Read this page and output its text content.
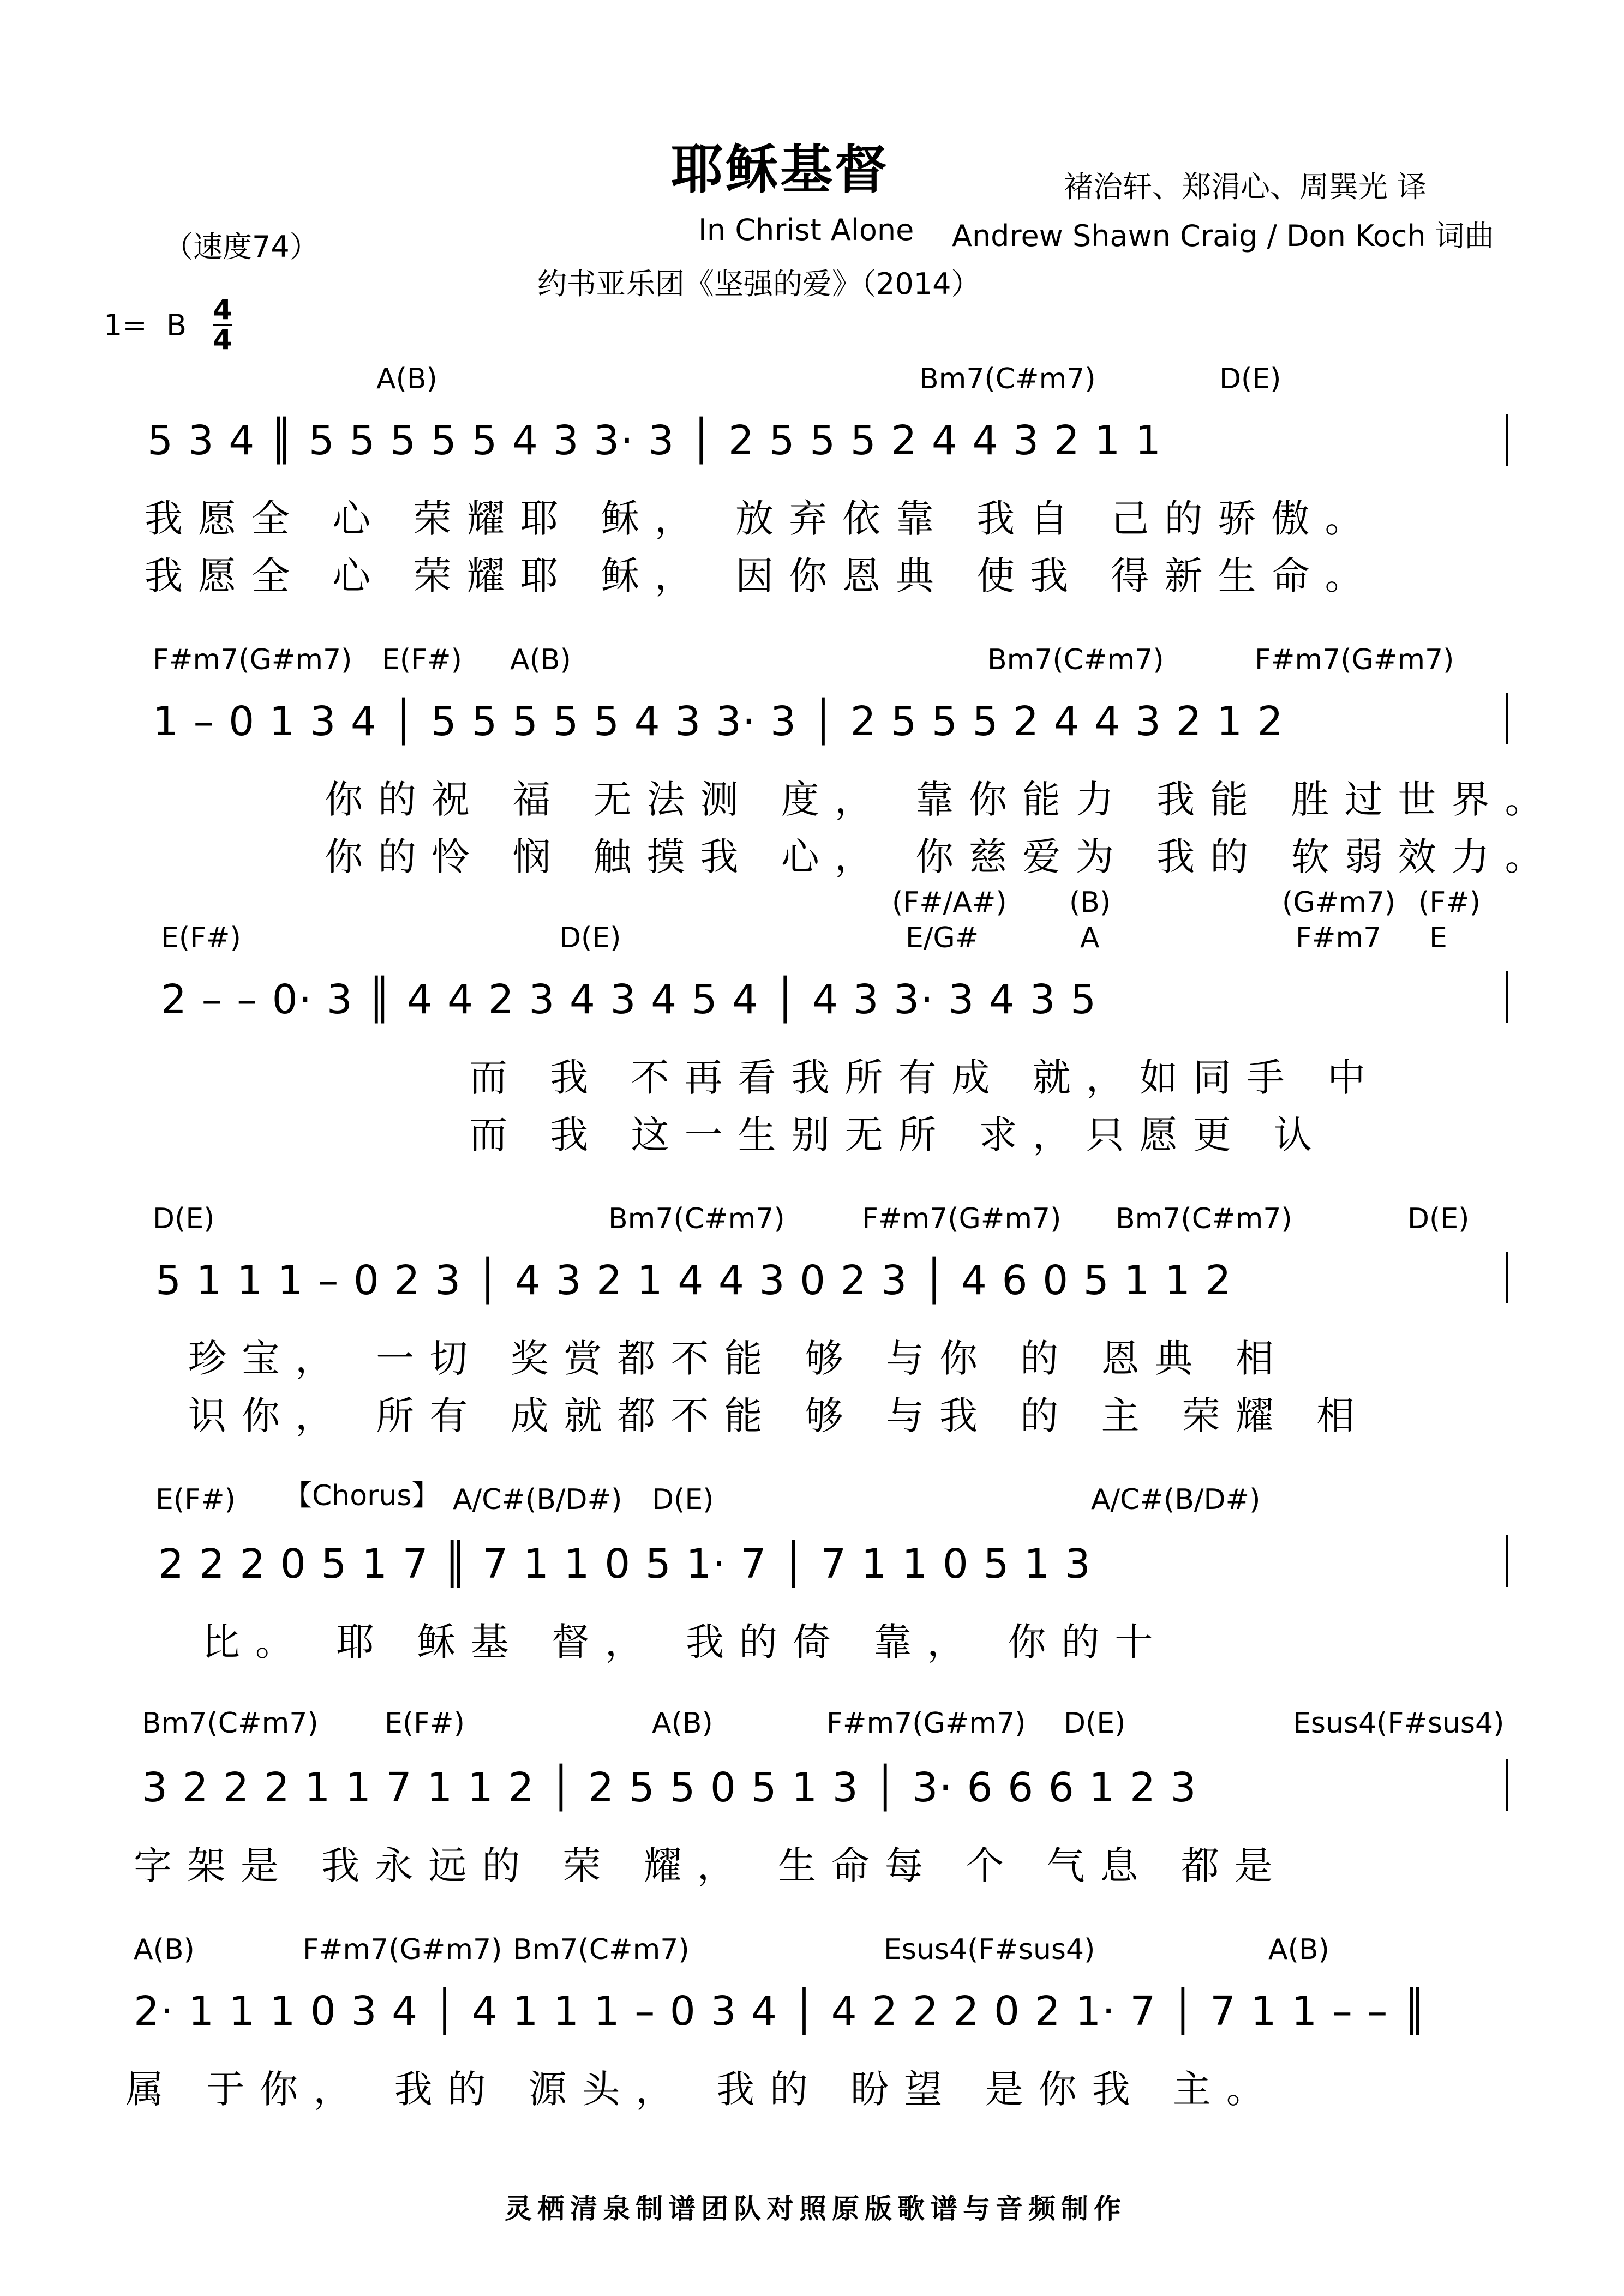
耶稣基督	褚治轩、郑涓心、周巽光 译
In Christ Alone Andrew Shawn Craig / Don Koch 词曲
（速度74）
约书亚乐团《坚强的爱》（2014）
1= B 4
4
A(B)	Bm7(C#m7)	D(E)
5 3 4 ║ 5 5 5 5 5 4 3 3· 3 │ 2 5 5 5 2 4 4 3 2 1 1
我愿全 心 荣耀耶 稣， 放弃依靠 我自 己的骄傲。
我愿全 心 荣耀耶 稣， 因你恩典 使我 得新生命。
F#m7(G#m7) E(F#) A(B)	Bm7(C#m7)	F#m7(G#m7)
1 – 0 1 3 4 │ 5 5 5 5 5 4 3 3· 3 │ 2 5 5 5 2 4 4 3 2 1 2
你的祝 福 无法测 度， 靠你能力 我能 胜过世界。
你的怜 悯 触摸我 心， 你慈爱为 我的 软弱效力。
E(F#)	D(E)
(F#/A#)
E/G#
(B)
A
(G#m7)
F#m7
(F#)
E
2 – – 0· 3 ║ 4 4 2 3 4 3 4 5 4 │ 4 3 3· 3 4 3 5
而 我 不再看我所有成 就，如同手 中
而 我 这一生别无所 求，只愿更 认
D(E)	Bm7(C#m7)	F#m7(G#m7) Bm7(C#m7)	D(E)
5 1 1 1 – 0 2 3 │ 4 3 2 1 4 4 3 0 2 3 │ 4 6 0 5 1 1 2
珍宝， 一切 奖赏都不能 够 与你 的 恩典 相
识你， 所有 成就都不能 够 与我 的 主 荣耀 相
E(F#) 【Chorus】 A/C#(B/D#) D(E)	A/C#(B/D#)
2 2 2 0 5 1 7 ║ 7 1 1 0 5 1· 7 │ 7 1 1 0 5 1 3
比。 耶 稣基 督， 我的倚 靠， 你的十
Bm7(C#m7) E(F#)	A(B)	F#m7(G#m7) D(E)	Esus4(F#sus4)
3 2 2 2 1 1 7 1 1 2 │ 2 5 5 0 5 1 3 │ 3· 6 6 6 1 2 3
字架是 我永远的 荣 耀， 生命每 个 气息 都是
A(B)	F#m7(G#m7) Bm7(C#m7)	Esus4(F#sus4)	A(B)
2· 1 1 1 0 3 4 │ 4 1 1 1 – 0 3 4 │ 4 2 2 2 0 2 1· 7 │ 7 1 1 – – ║
属 于你， 我的 源头， 我的 盼望 是你我 主。
灵栖清泉制谱团队对照原版歌谱与音频制作
